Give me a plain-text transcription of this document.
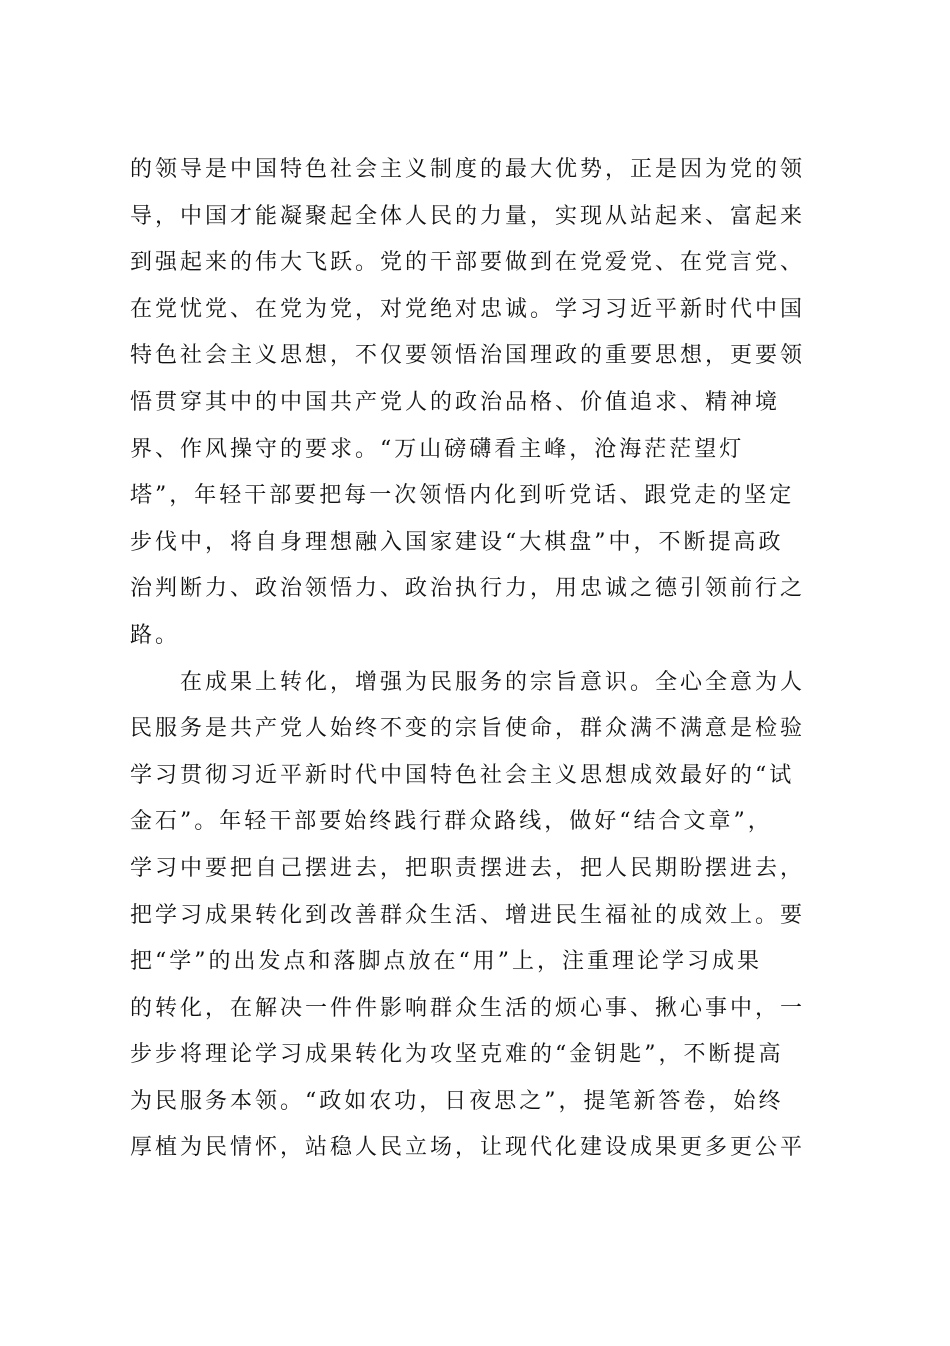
的领导是中国特色社会主义制度的最大优势，正是因为党的领
导，中国才能凝聚起全体人民的力量，实现从站起来、富起来
到强起来的伟大飞跃。党的干部要做到在党爱党、在党言党、
在党忧党、在党为党，对党绝对忠诚。学习习近平新时代中国
特色社会主义思想，不仅要领悟治国理政的重要思想，更要领
悟贯穿其中的中国共产党人的政治品格、价值追求、精神境
界、作风操守的要求。“万山磅礴看主峰，沧海茫茫望灯
塔”，年轻干部要把每一次领悟内化到听党话、跟党走的坚定
步伐中，将自身理想融入国家建设“大棋盘”中，不断提高政
治判断力、政治领悟力、政治执行力，用忠诚之德引领前行之
路。
在成果上转化，增强为民服务的宗旨意识。全心全意为人
民服务是共产党人始终不变的宗旨使命，群众满不满意是检验
学习贯彻习近平新时代中国特色社会主义思想成效最好的“试
金石”。年轻干部要始终践行群众路线，做好“结合文章”，
学习中要把自己摆进去，把职责摆进去，把人民期盼摆进去，
把学习成果转化到改善群众生活、增进民生福祉的成效上。要
把“学”的出发点和落脚点放在“用”上，注重理论学习成果
的转化，在解决一件件影响群众生活的烦心事、揪心事中，一
步步将理论学习成果转化为攻坚克难的“金钥匙”，不断提高
为民服务本领。“政如农功，日夜思之”，提笔新答卷，始终
厚植为民情怀，站稳人民立场，让现代化建设成果更多更公平
